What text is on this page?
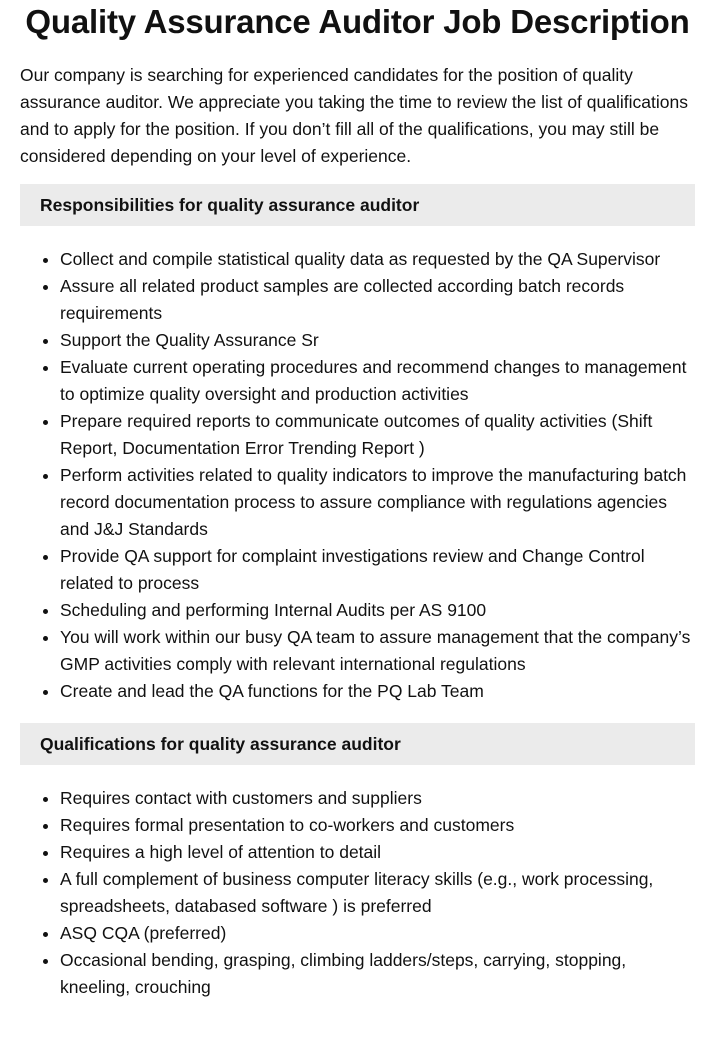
Quality Assurance Auditor Job Description

Our company is searching for experienced candidates for the position of quality assurance auditor. We appreciate you taking the time to review the list of qualifications and to apply for the position. If you don’t fill all of the qualifications, you may still be considered depending on your level of experience.

Responsibilities for quality assurance auditor
• Collect and compile statistical quality data as requested by the QA Supervisor
• Assure all related product samples are collected according batch records requirements
• Support the Quality Assurance Sr
• Evaluate current operating procedures and recommend changes to management to optimize quality oversight and production activities
• Prepare required reports to communicate outcomes of quality activities (Shift Report, Documentation Error Trending Report )
• Perform activities related to quality indicators to improve the manufacturing batch record documentation process to assure compliance with regulations agencies and J&J Standards
• Provide QA support for complaint investigations review and Change Control related to process
• Scheduling and performing Internal Audits per AS 9100
• You will work within our busy QA team to assure management that the company’s GMP activities comply with relevant international regulations
• Create and lead the QA functions for the PQ Lab Team
Qualifications for quality assurance auditor
• Requires contact with customers and suppliers
• Requires formal presentation to co-workers and customers
• Requires a high level of attention to detail
• A full complement of business computer literacy skills (e.g., work processing, spreadsheets, databased software ) is preferred
• ASQ CQA (preferred)
• Occasional bending, grasping, climbing ladders/steps, carrying, stopping, kneeling, crouching
